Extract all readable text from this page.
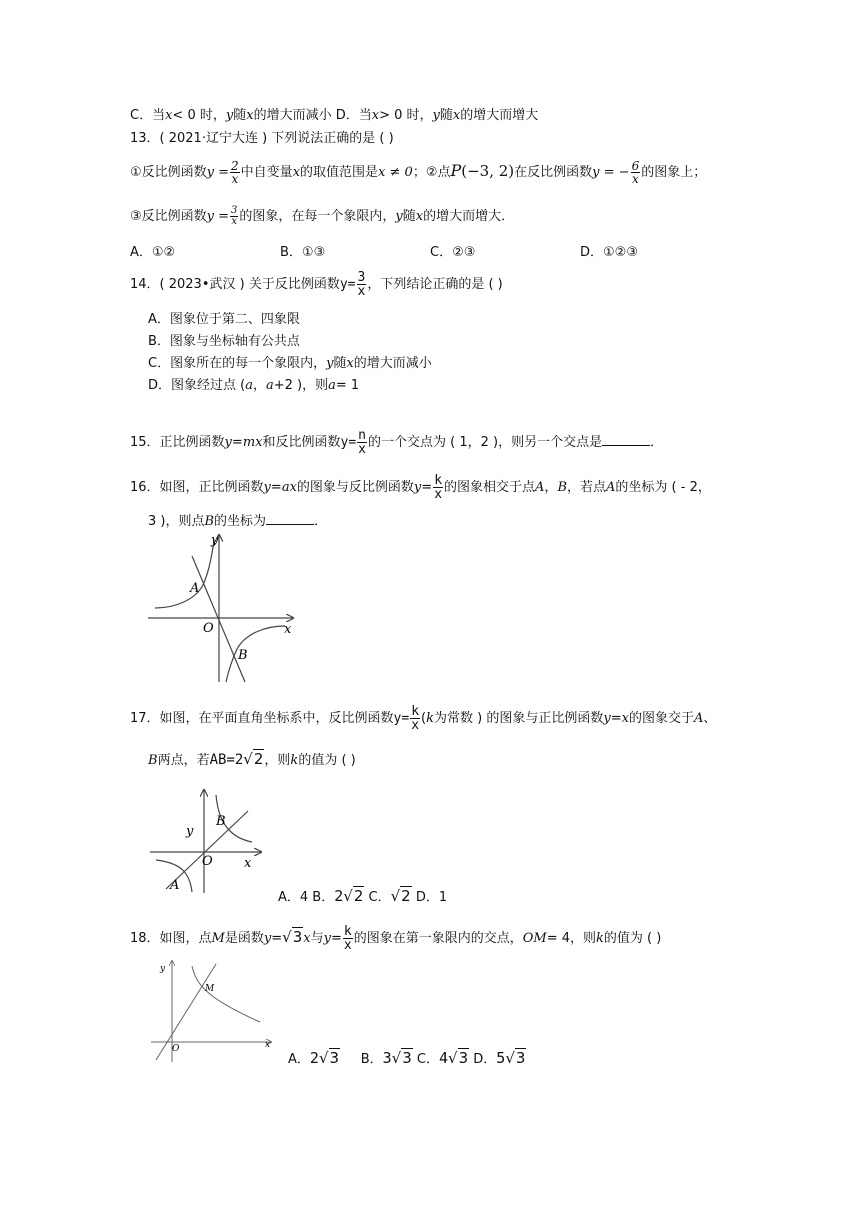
C．当x< 0 时，y随x的增大而减小 D．当x> 0 时，y随x的增大而增大
13．( 2021·辽宁大连 ) 下列说法正确的是 ( )
①反比例函数$y = \frac{2}{x}$ 中自变量x的取值范围是x ≠ 0；②点P(−3, 2)在反比例函数y = − $\frac{6}{x}$ 的图象上；
③反比例函数$y = \frac{3}{x}$ 的图象，在每一个象限内，y随x的增大而增大．
A．①②	B．①③	C．②③	D．①②③
14．( 2023•武汉 ) 关于反比例函数$y= \frac{3}{x}$ ，下列结论正确的是 ( )
A．图象位于第二、四象限
B．图象与坐标轴有公共点
C．图象所在的每一个象限内，y随x的增大而减小
D．图象经过点 (a，a+2 )，则a= 1
15．正比例函数y=mx和反比例函数$y= \frac{n}{x}$ 的一个交点为 ( 1，2 )，则另一个交点是	．
16．如图，正比例函数y=ax的图象与反比例函数$y= \frac{k}{x}$ 的图象相交于点A，B，若点A的坐标为 ( - 2，
3 )，则点B的坐标为	．
y
x
O
A
B
17．如图，在平面直角坐标系中，反比例函数$y= \frac{k}{x} (k$为常数 ) 的图象与正比例函数y=x的图象交于A、
B两点，若AB=2√2，则k的值为 ( )
y
x
O
B
A
A．4 B．2√2 C．√2 D．1
18．如图，点M是函数y=√3x与$y= \frac{k}{x}$ 的图象在第一象限内的交点，OM= 4，则k的值为 ( )
y
x
O
M
A．2√3 B．3√3 C．4√3 D．5√3
